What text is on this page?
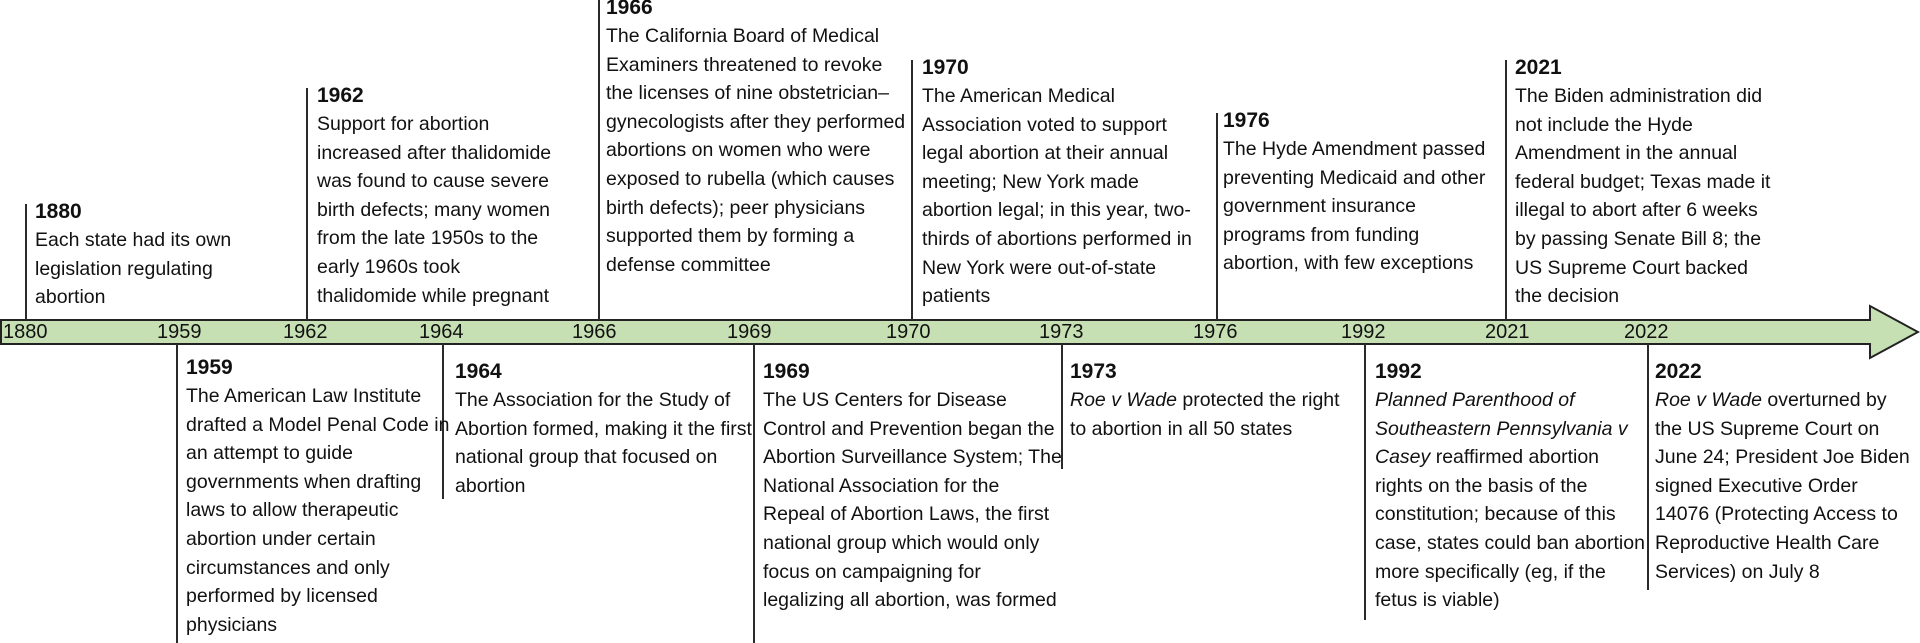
1880	1959	1962	1964	1966	1969	1970	1973	1976	1992	2021	2022
1880
Each state had its own legislation regulating abortion
1962
Support for abortion increased after thalidomide was found to cause severe birth defects; many women from the late 1950s to the early 1960s took thalidomide while pregnant
1966
The California Board of Medical Examiners threatened to revoke the licenses of nine obstetrician–gynecologists after they performed abortions on women who were exposed to rubella (which causes birth defects); peer physicians supported them by forming a defense committee
1970
The American Medical Association voted to support legal abortion at their annual meeting; New York made abortion legal; in this year, two-thirds of abortions performed in New York were out-of-state patients
1976
The Hyde Amendment passed preventing Medicaid and other government insurance programs from funding abortion, with few exceptions
2021
The Biden administration did not include the Hyde Amendment in the annual federal budget; Texas made it illegal to abort after 6 weeks by passing Senate Bill 8; the US Supreme Court backed the decision
1959
The American Law Institute drafted a Model Penal Code in an attempt to guide governments when drafting laws to allow therapeutic abortion under certain circumstances and only performed by licensed physicians
1964
The Association for the Study of Abortion formed, making it the first national group that focused on abortion
1969
The US Centers for Disease Control and Prevention began the Abortion Surveillance System; The National Association for the Repeal of Abortion Laws, the first national group which would only focus on campaigning for legalizing all abortion, was formed
1973
Roe v Wade protected the right to abortion in all 50 states
1992
Planned Parenthood of Southeastern Pennsylvania v Casey reaffirmed abortion rights on the basis of the constitution; because of this case, states could ban abortion more specifically (eg, if the fetus is viable)
2022
Roe v Wade overturned by the US Supreme Court on June 24; President Joe Biden signed Executive Order 14076 (Protecting Access to Reproductive Health Care Services) on July 8
